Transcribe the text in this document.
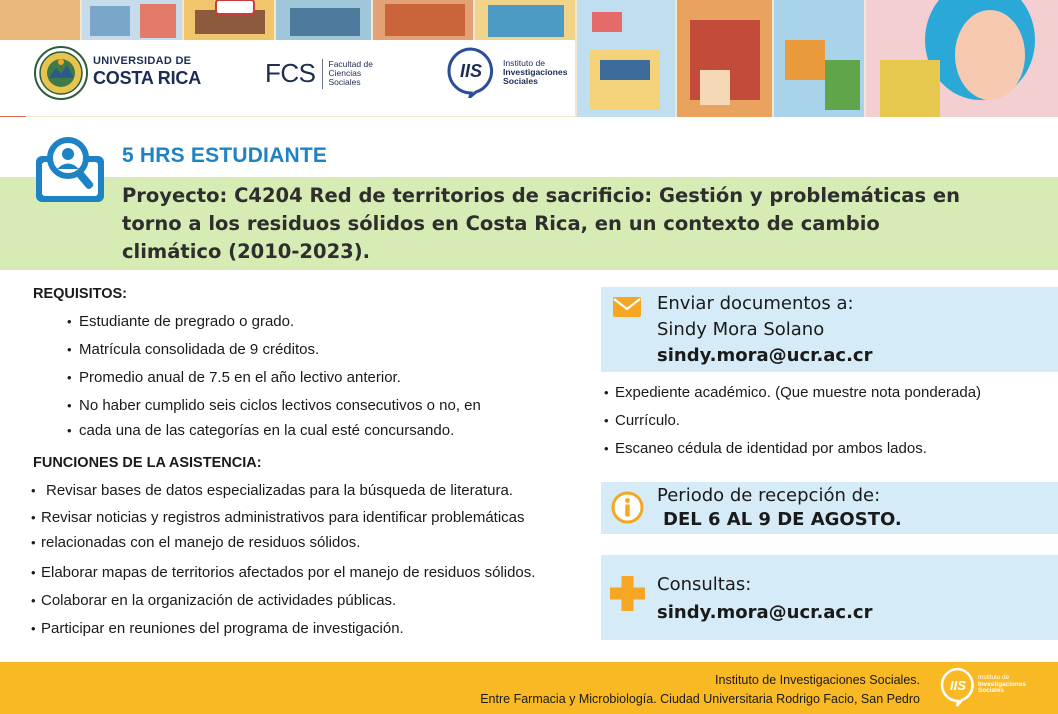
UNIVERSIDAD DE
COSTA RICA FCS Facultad de
Ciencias
Sociales
IIS Instituto de
Investigaciones
Sociales
5 HRS ESTUDIANTE
Proyecto: C4204 Red de territorios de sacrificio: Gestión y problemáticas en
torno a los residuos sólidos en Costa Rica, en un contexto de cambio
climático (2010-2023).
REQUISITOS:
• Estudiante de pregrado o grado.
• Matrícula consolidada de 9 créditos.
• Promedio anual de 7.5 en el año lectivo anterior.
• No haber cumplido seis ciclos lectivos consecutivos o no, en
• cada una de las categorías en la cual esté concursando.
FUNCIONES DE LA ASISTENCIA:
• Revisar bases de datos especializadas para la búsqueda de literatura.
• Revisar noticias y registros administrativos para identificar problemáticas
• relacionadas con el manejo de residuos sólidos.
• Elaborar mapas de territorios afectados por el manejo de residuos sólidos.
• Colaborar en la organización de actividades públicas.
• Participar en reuniones del programa de investigación.
Enviar documentos a:
Sindy Mora Solano
sindy.mora@ucr.ac.cr
• Expediente académico. (Que muestre nota ponderada)
• Currículo.
• Escaneo cédula de identidad por ambos lados.
Periodo de recepción de:
DEL 6 AL 9 DE AGOSTO.
Consultas:
sindy.mora@ucr.ac.cr
Instituto de Investigaciones Sociales.
Entre Farmacia y Microbiología. Ciudad Universitaria Rodrigo Facio, San Pedro
IIS
Instituto de
Investigaciones
Sociales
